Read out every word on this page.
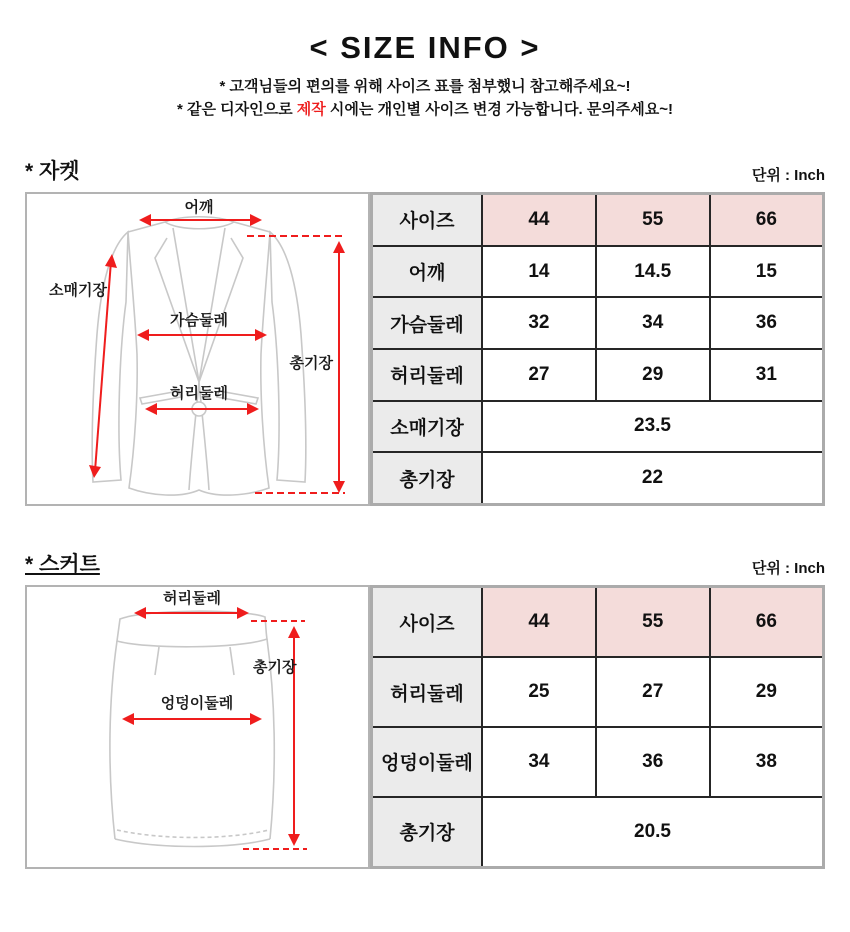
< SIZE INFO >
* 고객님들의 편의를 위해 사이즈 표를 첨부했니 참고해주세요~!
* 같은 디자인으로 제작 시에는 개인별 사이즈 변경 가능합니다. 문의주세요~!
* 자켓	단위 : Inch
어깨
소매기장
가슴둘레
허리둘레
총기장
사이즈	44	55	66
어깨	14	14.5	15
가슴둘레	32	34	36
허리둘레	27	29	31
소매기장	23.5		
총기장	22		
* 스커트	단위 : Inch
허리둘레
총기장
엉덩이둘레
사이즈	44	55	66
허리둘레	25	27	29
엉덩이둘레	34	36	38
총기장	20.5		
